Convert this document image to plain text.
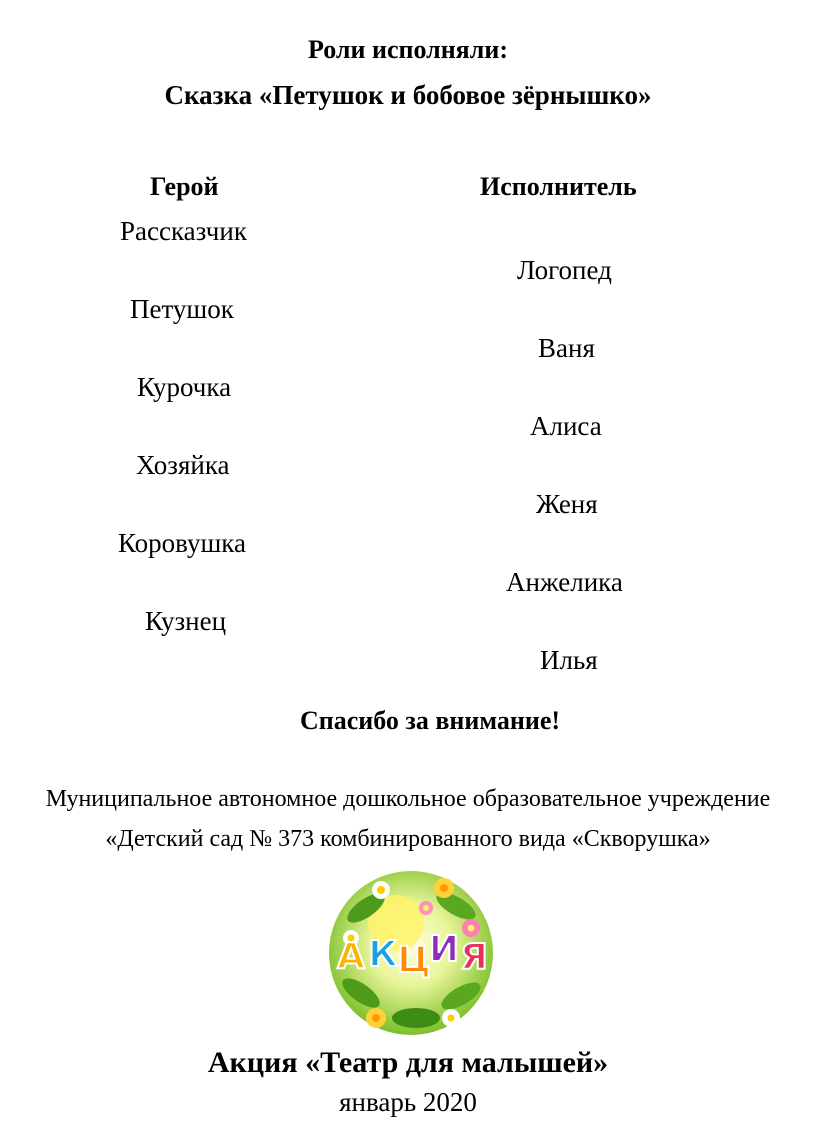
Роли исполняли:
Сказка «Петушок и бобовое зёрнышко»
Герой	Исполнитель
Рассказчик
Логопед
Петушок
Ваня
Курочка
Алиса
Хозяйка
Женя
Коровушка
Анжелика
Кузнец
Илья
Спасибо за внимание!
Муниципальное автономное дошкольное образовательное учреждение
«Детский сад № 373 комбинированного вида «Скворушка»
А К Ц
И Я
Акция «Театр для малышей»
январь 2020
